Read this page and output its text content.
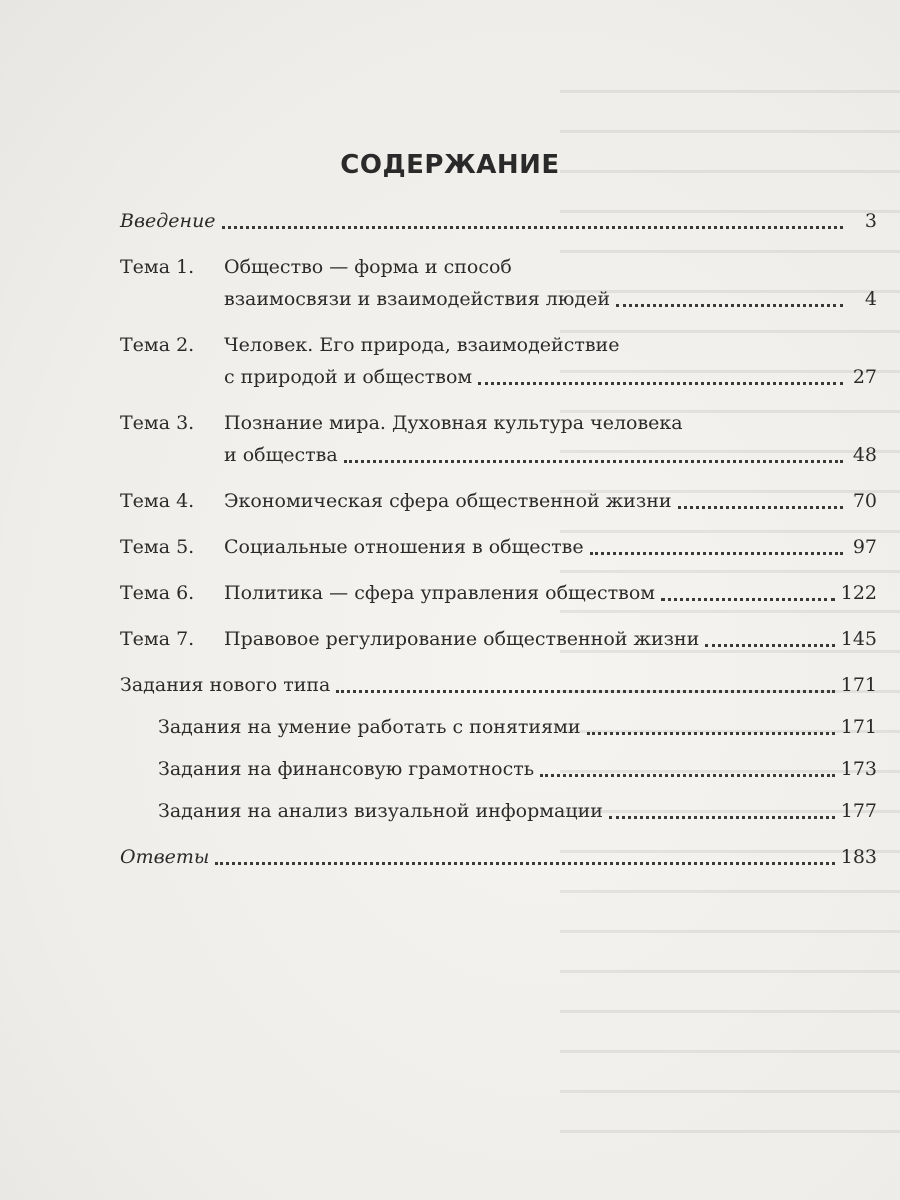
СОДЕРЖАНИЕ
Введение	3
Тема 1. Общество — форма и способ
взаимосвязи и взаимодействия людей	4
Тема 2. Человек. Его природа, взаимодействие
с природой и обществом	27
Тема 3. Познание мира. Духовная культура человека
и общества	48
Тема 4. Экономическая сфера общественной жизни	70
Тема 5. Социальные отношения в обществе	97
Тема 6. Политика — сфера управления обществом	122
Тема 7. Правовое регулирование общественной жизни	145
Задания нового типа	171
Задания на умение работать с понятиями	171
Задания на финансовую грамотность	173
Задания на анализ визуальной информации	177
Ответы	183
